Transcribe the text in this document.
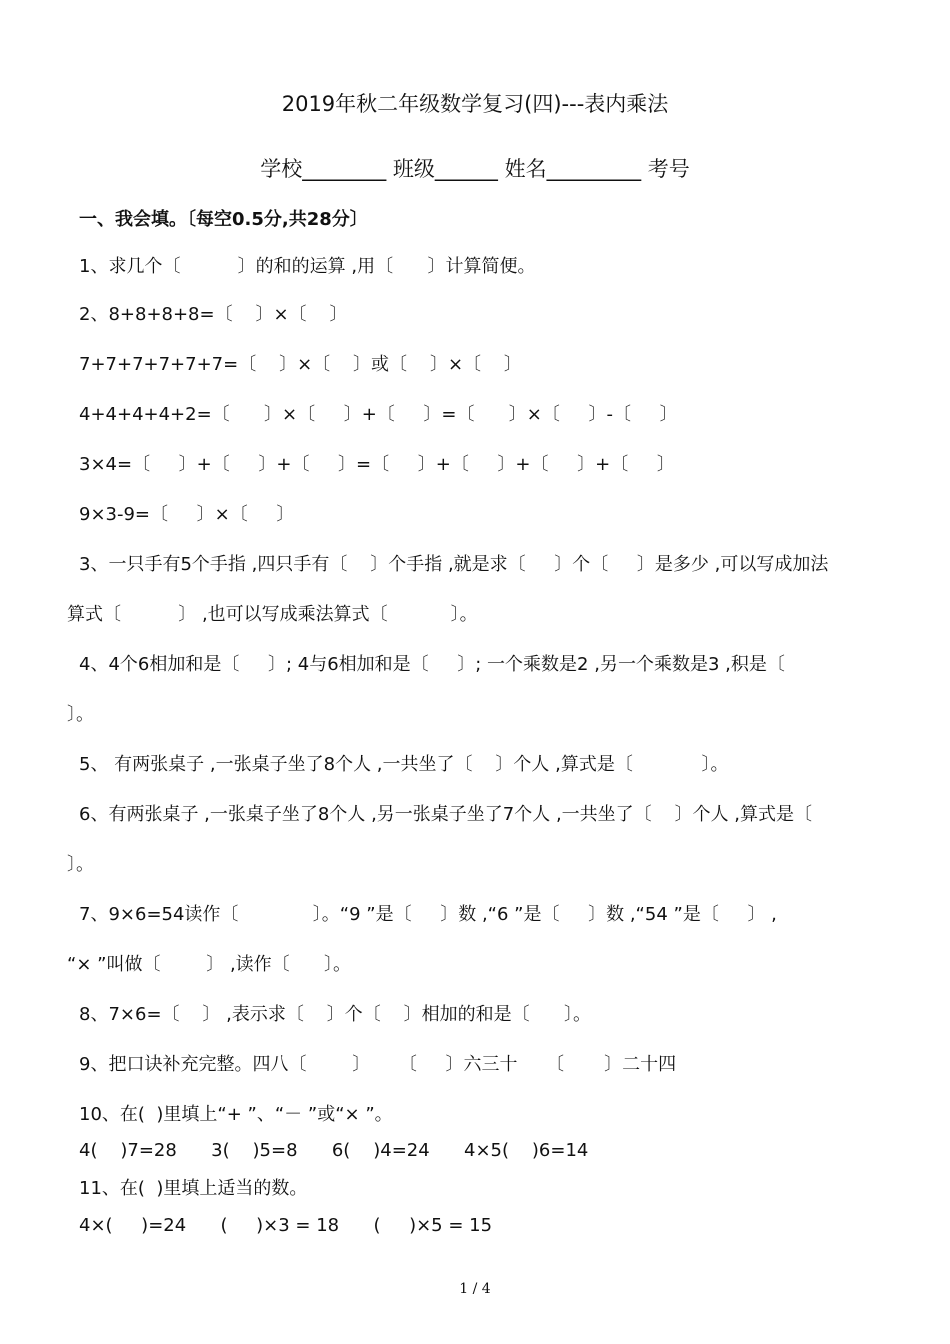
2019年秋二年级数学复习(四)---表内乘法
学校________ 班级______ 姓名_________ 考号
一、我会填。〔每空0.5分,共28分〕
1、求几个〔          〕的和的运算 ,用〔      〕计算简便。
2、8+8+8+8=〔    〕×〔    〕
7+7+7+7+7+7=〔    〕×〔    〕或〔    〕×〔    〕
4+4+4+4+2=〔      〕×〔     〕+〔     〕=〔      〕×〔     〕-〔     〕
3×4=〔     〕+〔     〕+〔     〕=〔     〕+〔     〕+〔     〕+〔     〕
9×3-9=〔     〕×〔     〕
3、一只手有5个手指 ,四只手有〔    〕个手指 ,就是求〔     〕个〔     〕是多少 ,可以写成加法
算式〔          〕 ,也可以写成乘法算式〔           〕。
4、4个6相加和是〔     〕; 4与6相加和是〔     〕; 一个乘数是2 ,另一个乘数是3 ,积是〔
〕。
5、 有两张桌子 ,一张桌子坐了8个人 ,一共坐了〔    〕个人 ,算式是〔            〕。
6、有两张桌子 ,一张桌子坐了8个人 ,另一张桌子坐了7个人 ,一共坐了〔    〕个人 ,算式是〔
〕。
7、9×6=54读作〔             〕。“9 ”是〔     〕数 ,“6 ”是〔     〕数 ,“54 ”是〔     〕 ,
“× ”叫做〔        〕 ,读作〔      〕。
8、7×6=〔    〕 ,表示求〔    〕个〔    〕相加的和是〔      〕。
9、把口诀补充完整。四八〔        〕     〔     〕六三十     〔       〕二十四
10、在(  )里填上“+ ”、“－ ”或“× ”。
4(    )7=28      3(    )5=8      6(    )4=24      4×5(    )6=14
11、在(  )里填上适当的数。
4×(     )=24      (     )×3 = 18      (     )×5 = 15
1 / 4
